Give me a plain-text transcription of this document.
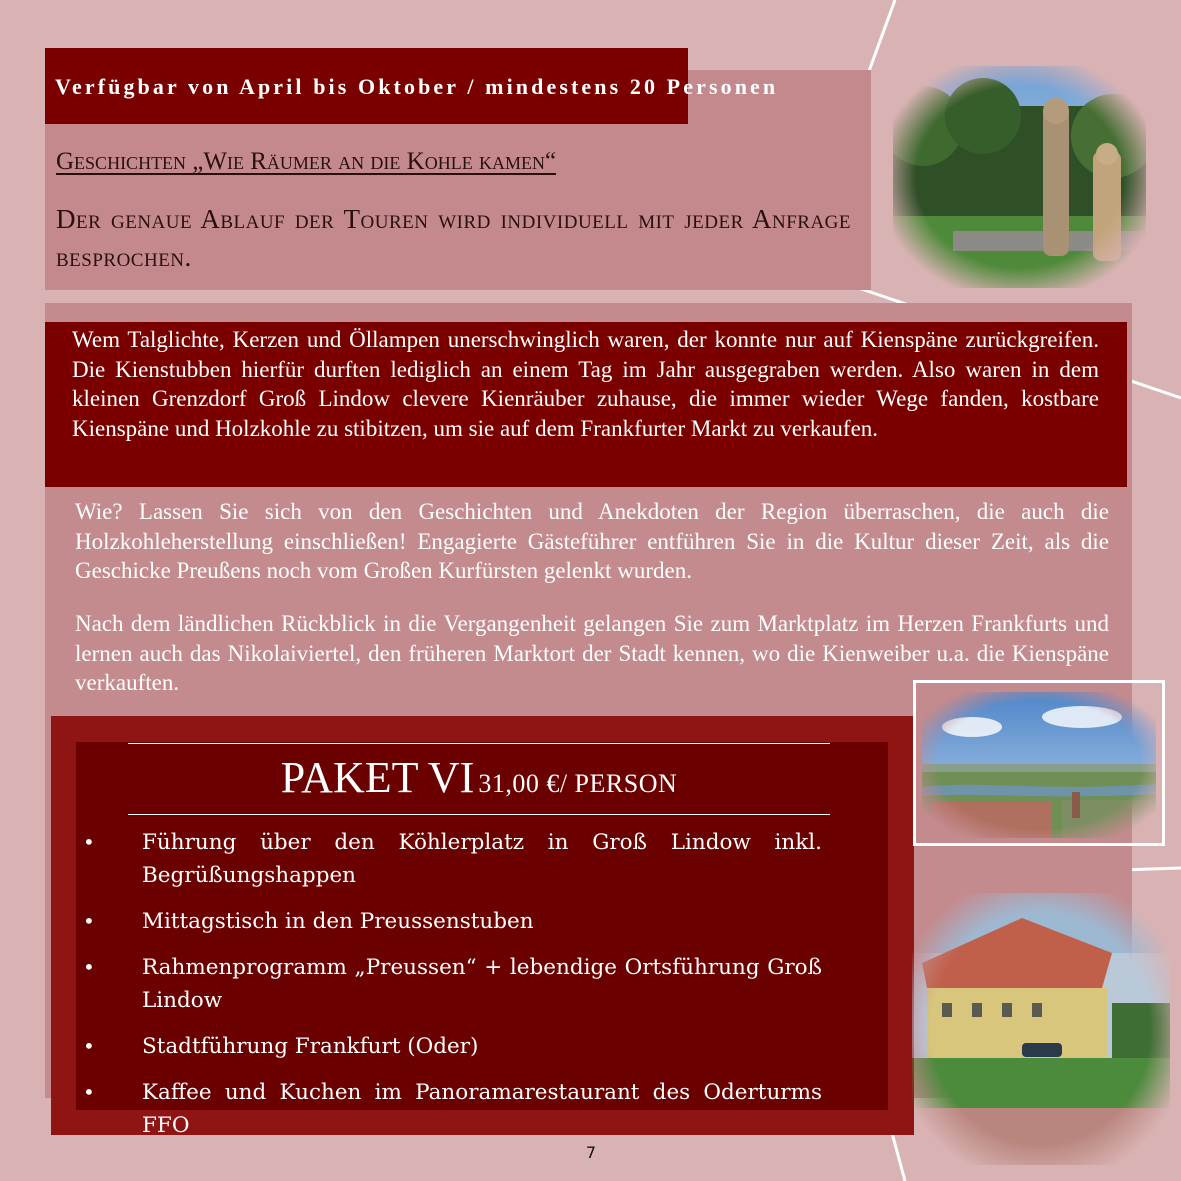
Verfügbar von April bis Oktober / mindestens 20 Personen
Geschichten „Wie Räumer an die Kohle kamen“
Der genaue Ablauf der Touren wird individuell mit jeder Anfrage besprochen.

Wem Talglichte, Kerzen und Öllampen unerschwinglich waren, der konnte nur auf Kienspäne zurückgreifen. Die Kienstubben hierfür durften lediglich an einem Tag im Jahr ausgegraben werden. Also waren in dem kleinen Grenzdorf Groß Lindow clevere Kienräuber zuhause, die immer wieder Wege fanden, kostbare Kienspäne und Holzkohle zu stibitzen, um sie auf dem Frankfurter Markt zu verkaufen.

Wie? Lassen Sie sich von den Geschichten und Anekdoten der Region überraschen, die auch die Holzkohleherstellung einschließen! Engagierte Gästeführer entführen Sie in die Kultur dieser Zeit, als die Geschicke Preußens noch vom Großen Kurfürsten gelenkt wurden.

Nach dem ländlichen Rückblick in die Vergangenheit gelangen Sie zum Marktplatz im Herzen Frankfurts und lernen auch das Nikolaiviertel, den früheren Marktort der Stadt kennen, wo die Kienweiber u.a. die Kienspäne verkauften.

PAKET VI 31,00 €/ PERSON
• Führung über den Köhlerplatz in Groß Lindow inkl. Begrüßungshappen
• Mittagstisch in den Preussenstuben
• Rahmenprogramm „Preussen“ + lebendige Ortsführung Groß Lindow
• Stadtführung Frankfurt (Oder)
• Kaffee und Kuchen im Panoramarestaurant des Oderturms FFO
7
